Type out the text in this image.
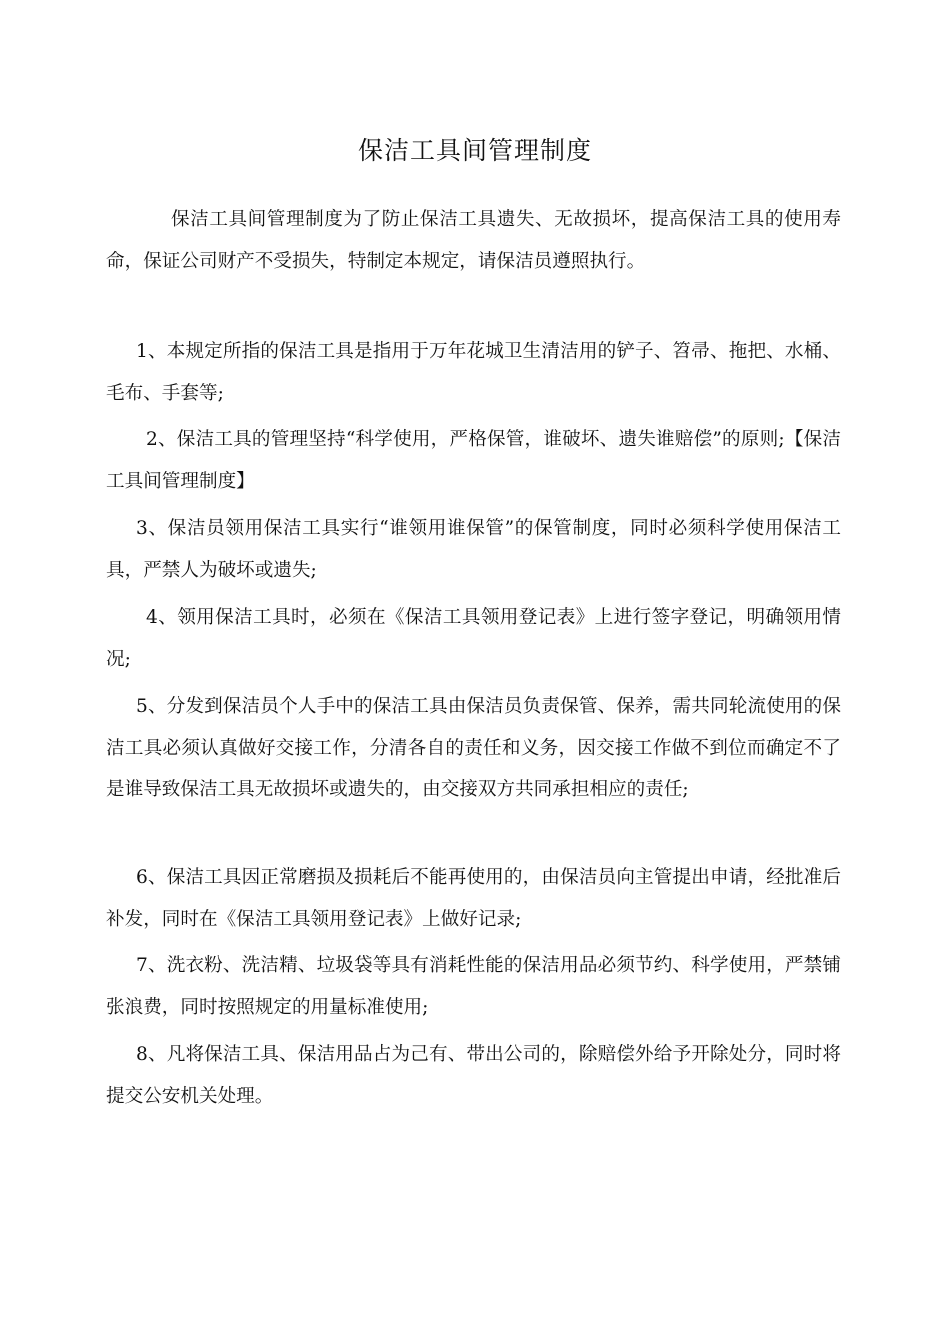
保洁工具间管理制度

保洁工具间管理制度为了防止保洁工具遗失、无故损坏，提高保洁工具的使用寿命，保证公司财产不受损失，特制定本规定，请保洁员遵照执行。

1、本规定所指的保洁工具是指用于万年花城卫生清洁用的铲子、笤帚、拖把、水桶、毛布、手套等;

2、保洁工具的管理坚持“科学使用，严格保管，谁破坏、遗失谁赔偿”的原则;【保洁工具间管理制度】

3、保洁员领用保洁工具实行“谁领用谁保管”的保管制度，同时必须科学使用保洁工具，严禁人为破坏或遗失;

4、领用保洁工具时，必须在《保洁工具领用登记表》上进行签字登记，明确领用情况;

5、分发到保洁员个人手中的保洁工具由保洁员负责保管、保养，需共同轮流使用的保洁工具必须认真做好交接工作，分清各自的责任和义务，因交接工作做不到位而确定不了是谁导致保洁工具无故损坏或遗失的，由交接双方共同承担相应的责任;

6、保洁工具因正常磨损及损耗后不能再使用的，由保洁员向主管提出申请，经批准后补发，同时在《保洁工具领用登记表》上做好记录;

7、洗衣粉、洗洁精、垃圾袋等具有消耗性能的保洁用品必须节约、科学使用，严禁铺张浪费，同时按照规定的用量标准使用;

8、凡将保洁工具、保洁用品占为己有、带出公司的，除赔偿外给予开除处分，同时将提交公安机关处理。
